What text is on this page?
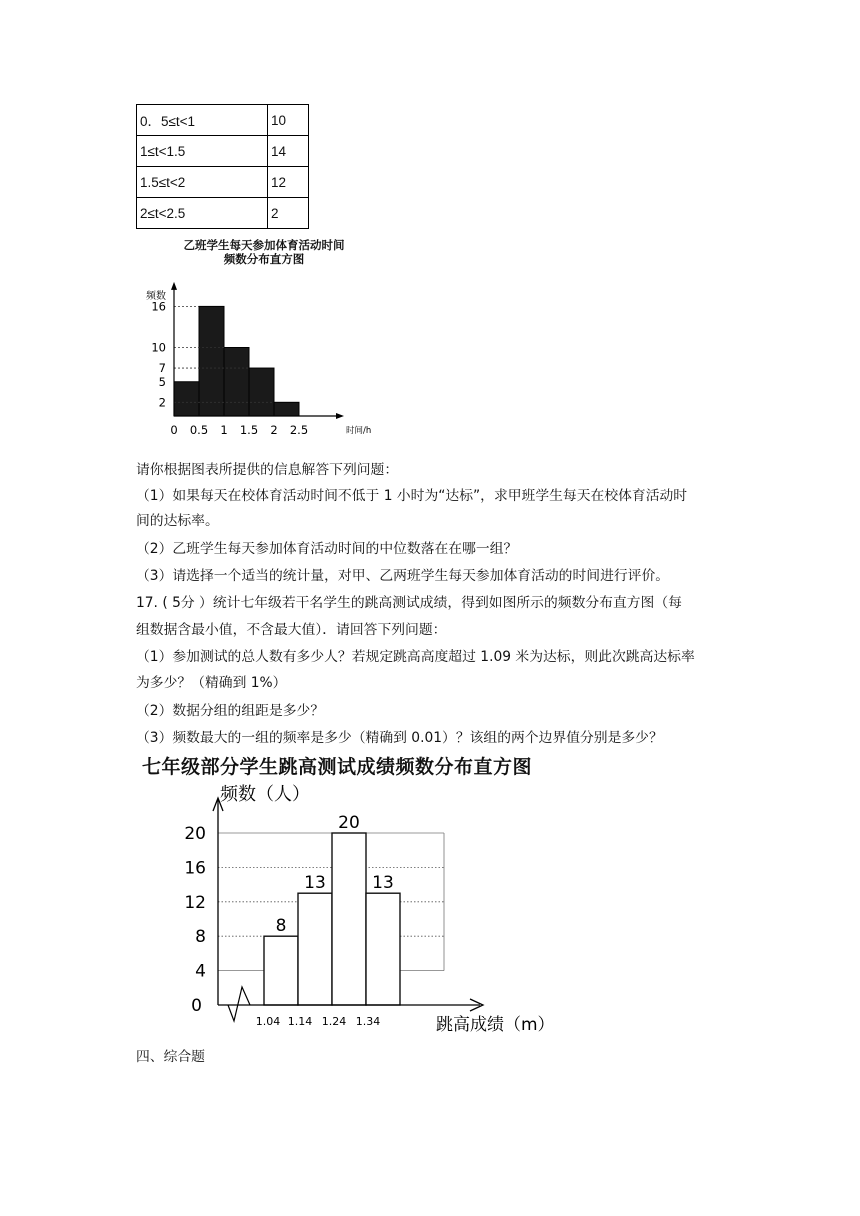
0．5≤t<1	10
1≤t<1.5	14
1.5≤t<2	12
2≤t<2.5	2
乙班学生每天参加体育活动时间
频数分布直方图
2
5
7
10
16
0 0.5 1 1.5 2 2.5
频数
时间/h
请你根据图表所提供的信息解答下列问题：
（1）如果每天在校体育活动时间不低于 1 小时为“达标”，求甲班学生每天在校体育活动时
间的达标率。
（2）乙班学生每天参加体育活动时间的中位数落在在哪一组？
（3）请选择一个适当的统计量，对甲、乙两班学生每天参加体育活动的时间进行评价。
17. ( 5分 ）统计七年级若干名学生的跳高测试成绩，得到如图所示的频数分布直方图（每
组数据含最小值，不含最大值）．请回答下列问题：
（1）参加测试的总人数有多少人？若规定跳高高度超过 1.09 米为达标，则此次跳高达标率
为多少？（精确到 1%）
（2）数据分组的组距是多少？
（3）频数最大的一组的频率是多少（精确到 0.01）？该组的两个边界值分别是多少？
七年级部分学生跳高测试成绩频数分布直方图
8
13
20
13
0
4
8
12
16
20
1.04 1.14 1.24 1.34
频数（人）
跳高成绩（m）
四、综合题
